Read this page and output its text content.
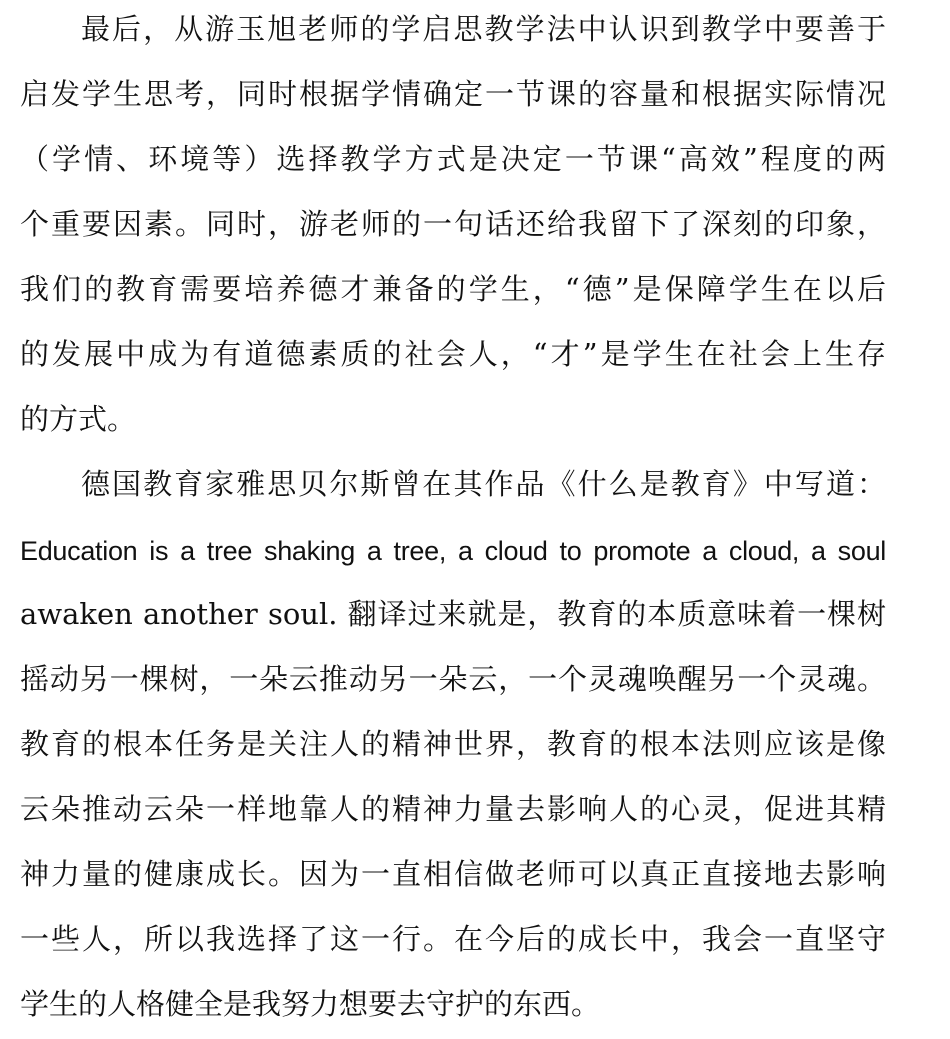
最后，从游玉旭老师的学启思教学法中认识到教学中要善于
启发学生思考，同时根据学情确定一节课的容量和根据实际情况
（学情、环境等）选择教学方式是决定一节课“高效”程度的两
个重要因素。同时，游老师的一句话还给我留下了深刻的印象，
我们的教育需要培养德才兼备的学生，“德”是保障学生在以后
的发展中成为有道德素质的社会人，“才”是学生在社会上生存
的方式。
德国教育家雅思贝尔斯曾在其作品《什么是教育》中写道：
Education is a tree shaking a tree, a cloud to promote a cloud, a soul
awaken another soul. 翻译过来就是，教育的本质意味着一棵树
摇动另一棵树，一朵云推动另一朵云，一个灵魂唤醒另一个灵魂。
教育的根本任务是关注人的精神世界，教育的根本法则应该是像
云朵推动云朵一样地靠人的精神力量去影响人的心灵，促进其精
神力量的健康成长。因为一直相信做老师可以真正直接地去影响
一些人，所以我选择了这一行。在今后的成长中，我会一直坚守
学生的人格健全是我努力想要去守护的东西。
